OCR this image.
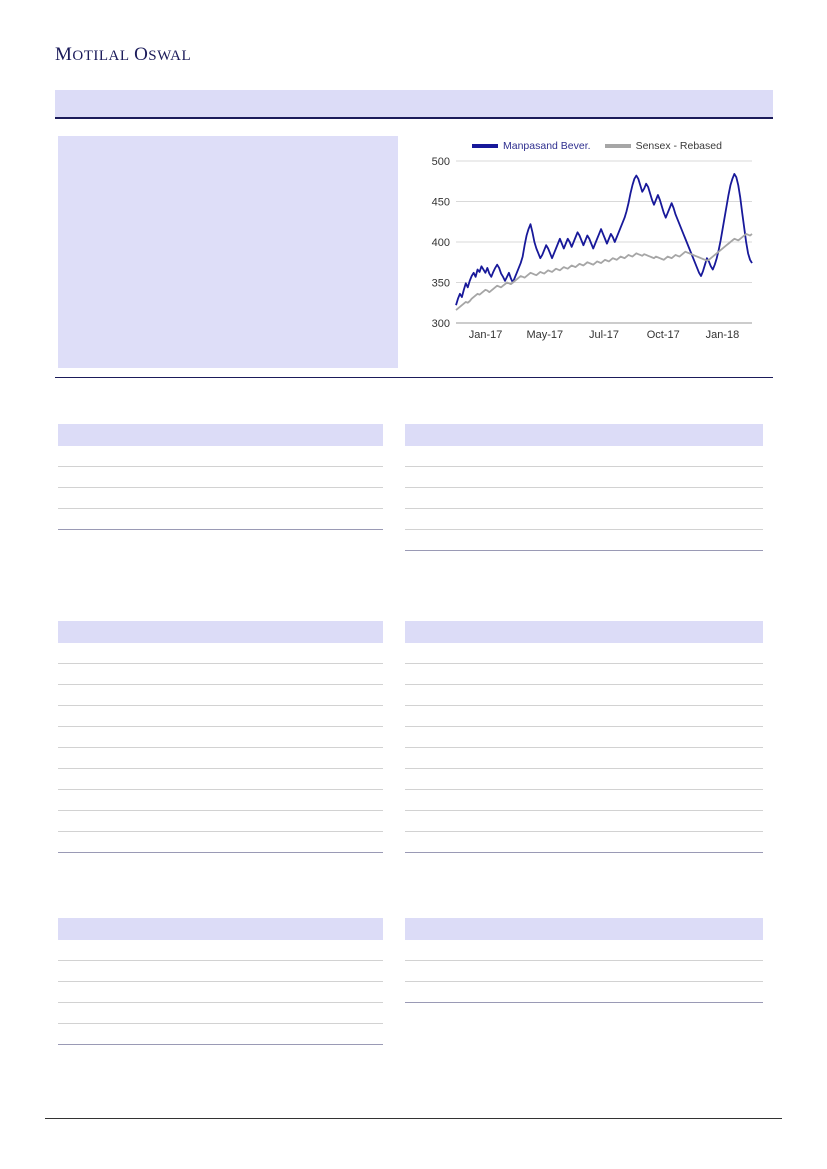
MOTILAL OSWAL
Manpasand Bever.	Sensex - Rebased
300
350
400
450
500
Jan-17 May-17 Jul-17	Oct-17 Jan-18
